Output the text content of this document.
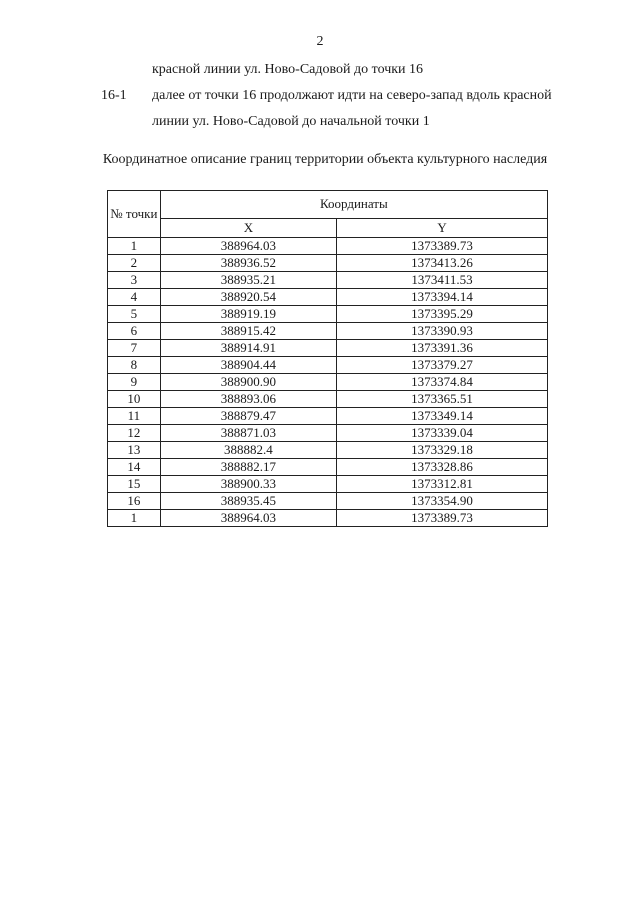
2
красной линии ул. Ново-Садовой до точки 16
16-1 далее от точки 16 продолжают идти на северо-запад вдоль красной
линии ул. Ново-Садовой до начальной точки 1
Координатное описание границ территории объекта культурного наследия
№ точки	Координаты	
	X	Y
1	388964.03	1373389.73
2	388936.52	1373413.26
3	388935.21	1373411.53
4	388920.54	1373394.14
5	388919.19	1373395.29
6	388915.42	1373390.93
7	388914.91	1373391.36
8	388904.44	1373379.27
9	388900.90	1373374.84
10	388893.06	1373365.51
11	388879.47	1373349.14
12	388871.03	1373339.04
13	388882.4	1373329.18
14	388882.17	1373328.86
15	388900.33	1373312.81
16	388935.45	1373354.90
1	388964.03	1373389.73
